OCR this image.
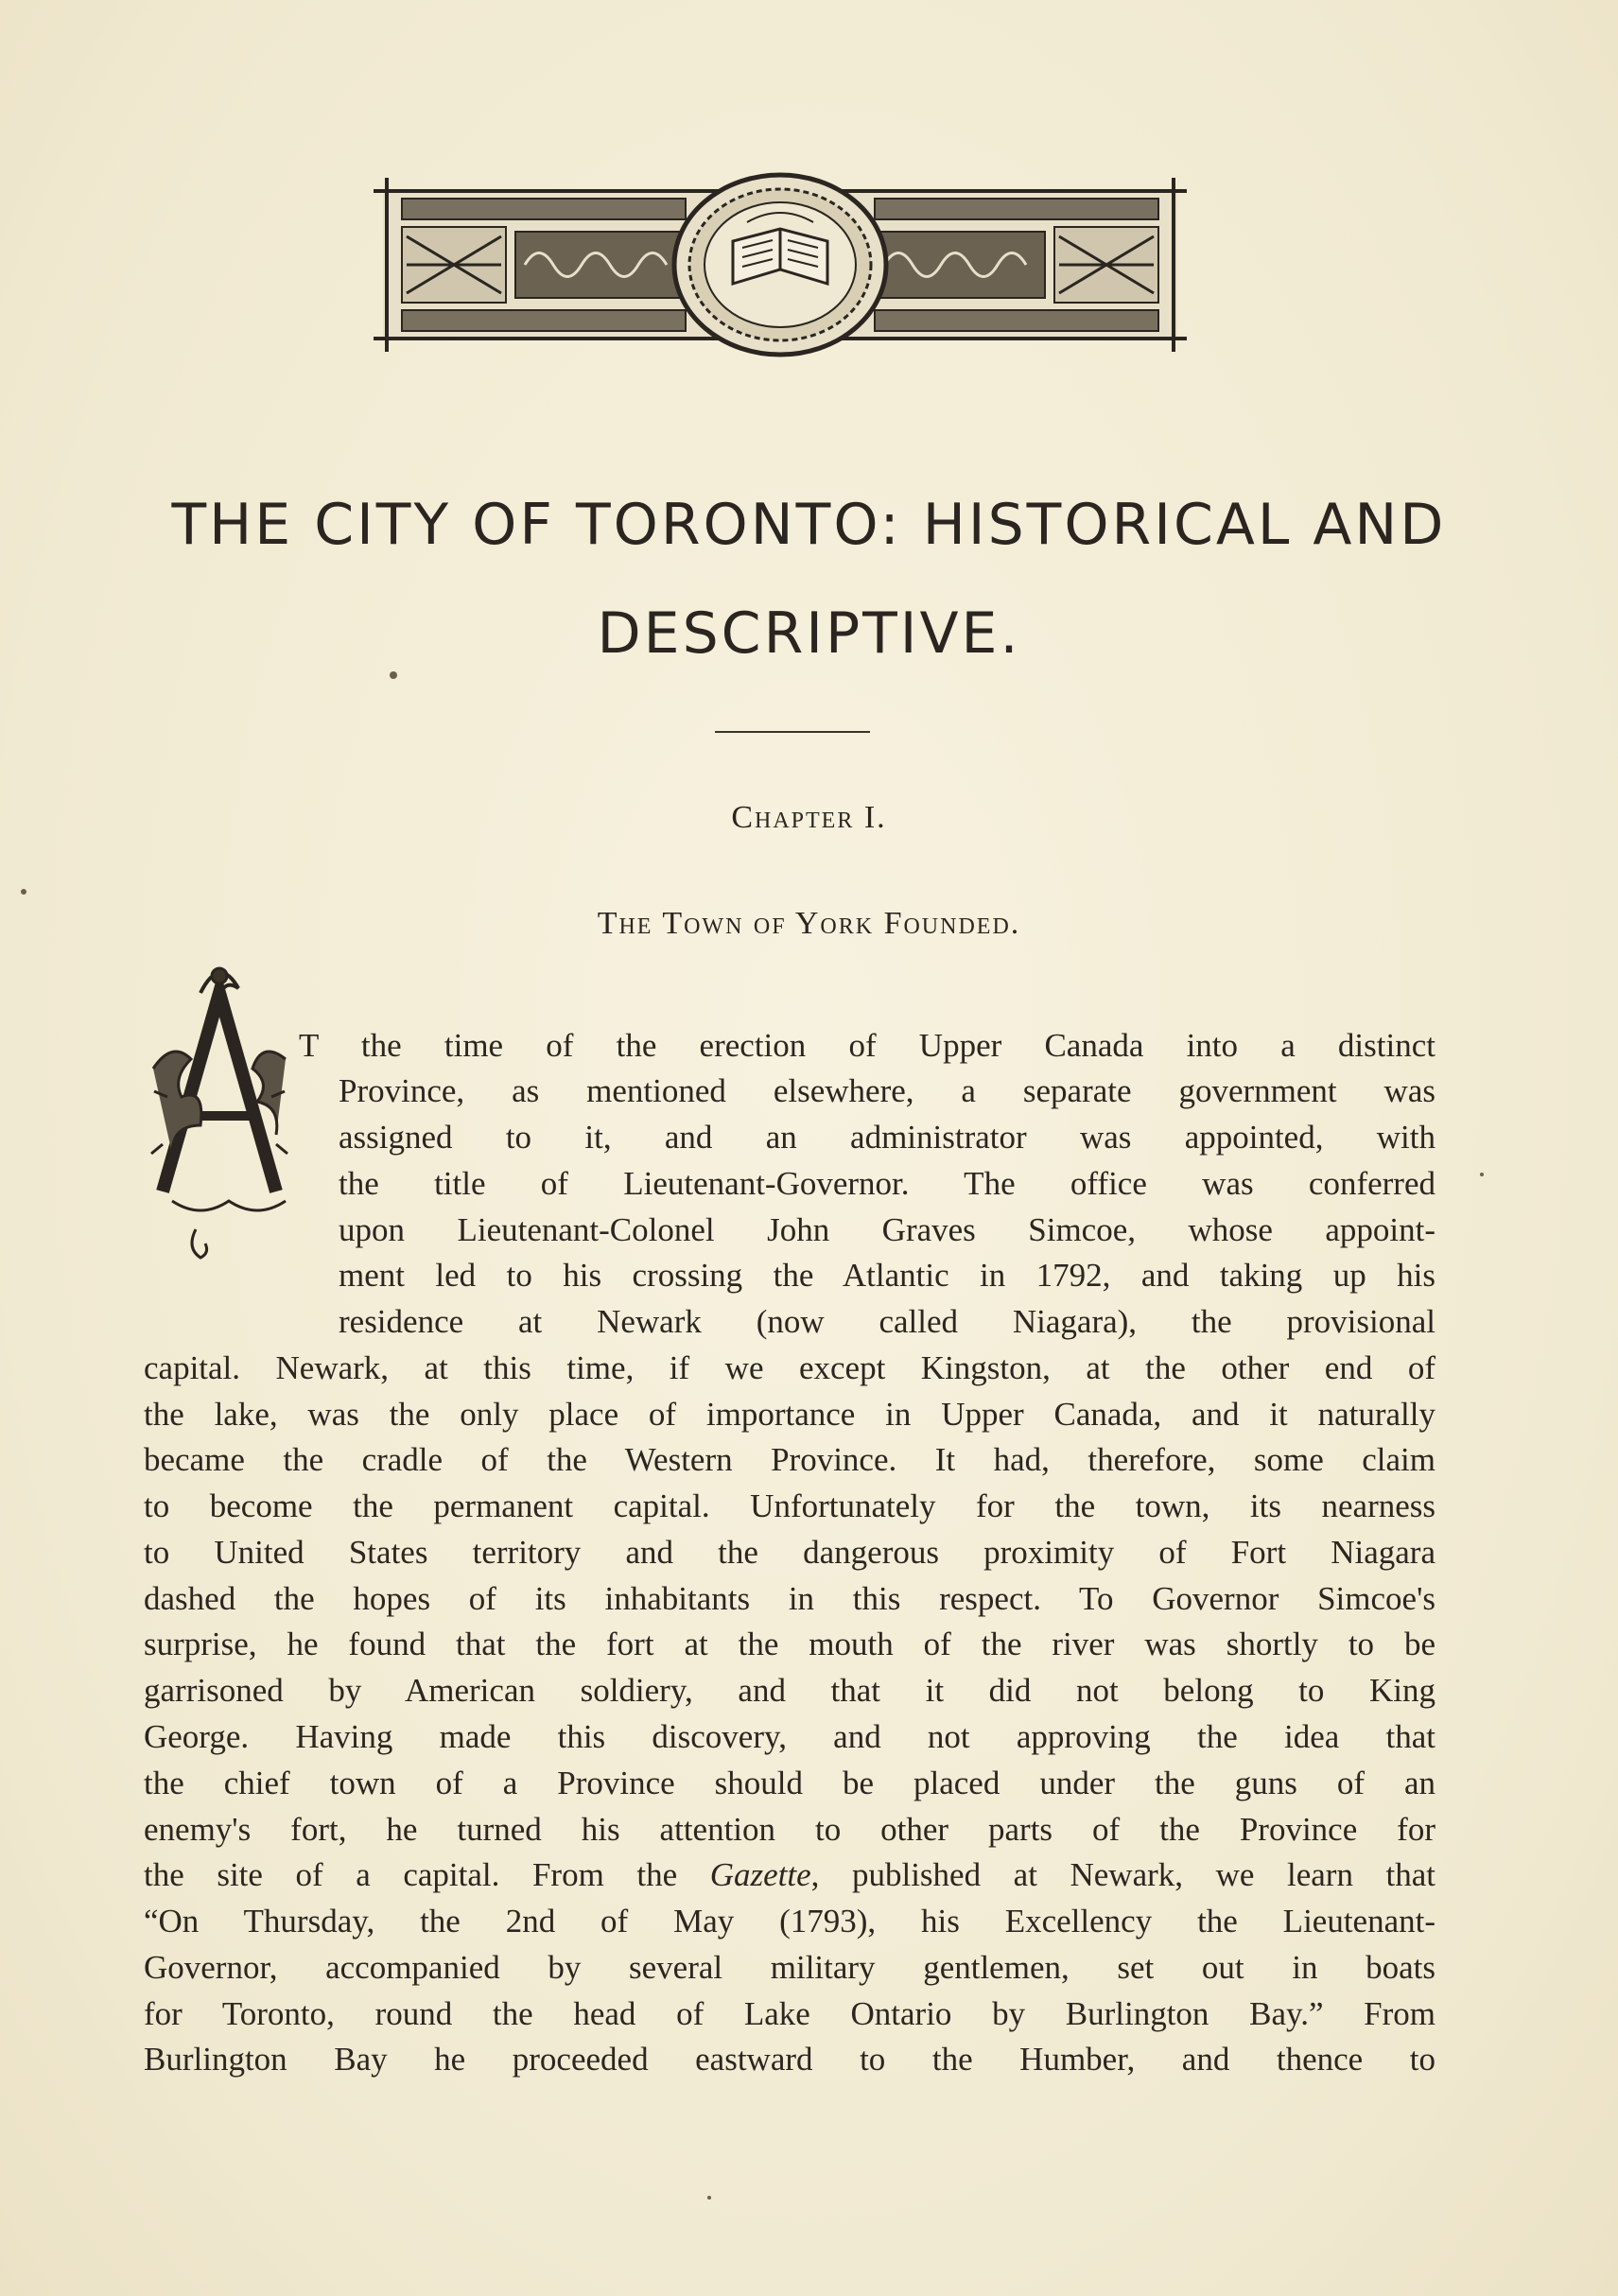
THE CITY OF TORONTO: HISTORICAL AND
DESCRIPTIVE.
Chapter I.
The Town of York Founded.
T the time of the erection of Upper Canada into a distinct
Province, as mentioned elsewhere, a separate government was
assigned to it, and an administrator was appointed, with
the title of Lieutenant-Governor. The office was conferred
upon Lieutenant-Colonel John Graves Simcoe, whose appoint-
ment led to his crossing the Atlantic in 1792, and taking up his
residence at Newark (now called Niagara), the provisional
capital. Newark, at this time, if we except Kingston, at the other end of
the lake, was the only place of importance in Upper Canada, and it naturally
became the cradle of the Western Province. It had, therefore, some claim
to become the permanent capital. Unfortunately for the town, its nearness
to United States territory and the dangerous proximity of Fort Niagara
dashed the hopes of its inhabitants in this respect. To Governor Simcoe's
surprise, he found that the fort at the mouth of the river was shortly to be
garrisoned by American soldiery, and that it did not belong to King
George. Having made this discovery, and not approving the idea that
the chief town of a Province should be placed under the guns of an
enemy's fort, he turned his attention to other parts of the Province for
the site of a capital. From the Gazette, published at Newark, we learn that
“On Thursday, the 2nd of May (1793), his Excellency the Lieutenant-
Governor, accompanied by several military gentlemen, set out in boats
for Toronto, round the head of Lake Ontario by Burlington Bay.” From
Burlington Bay he proceeded eastward to the Humber, and thence to
